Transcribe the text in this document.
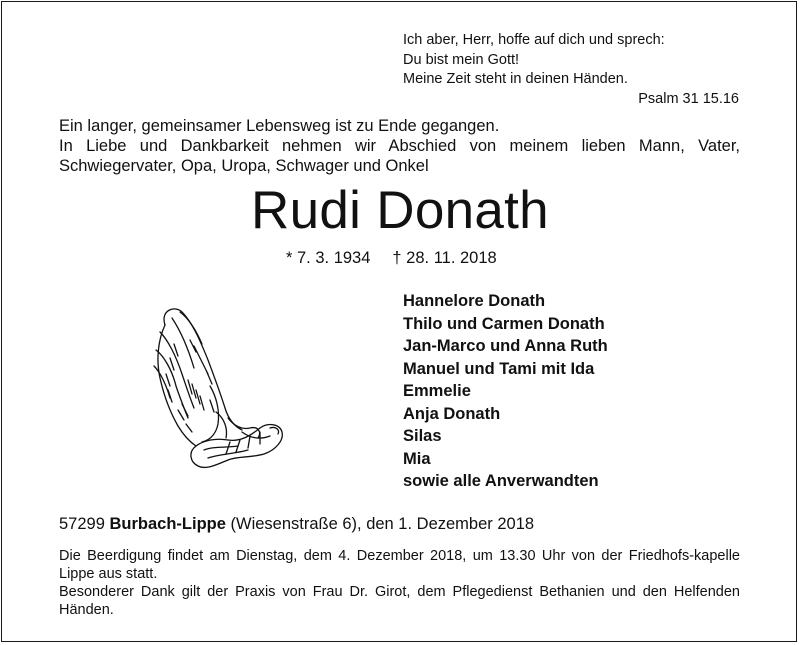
Ich aber, Herr, hoffe auf dich und sprech:
Du bist mein Gott!
Meine Zeit steht in deinen Händen.
Psalm 31 15.16
Ein langer, gemeinsamer Lebensweg ist zu Ende gegangen.
In Liebe und Dankbarkeit nehmen wir Abschied von meinem lieben Mann, Vater, Schwiegervater, Opa, Uropa, Schwager und Onkel
Rudi Donath
* 7. 3. 1934 † 28. 11. 2018
Hannelore Donath
Thilo und Carmen Donath
Jan-Marco und Anna Ruth
Manuel und Tami mit Ida
Emmelie
Anja Donath
Silas
Mia
sowie alle Anverwandten
57299 Burbach-Lippe (Wiesenstraße 6), den 1. Dezember 2018
Die Beerdigung findet am Dienstag, dem 4. Dezember 2018, um 13.30 Uhr von der Friedhofs-kapelle Lippe aus statt.
Besonderer Dank gilt der Praxis von Frau Dr. Girot, dem Pflegedienst Bethanien und den Helfenden Händen.
